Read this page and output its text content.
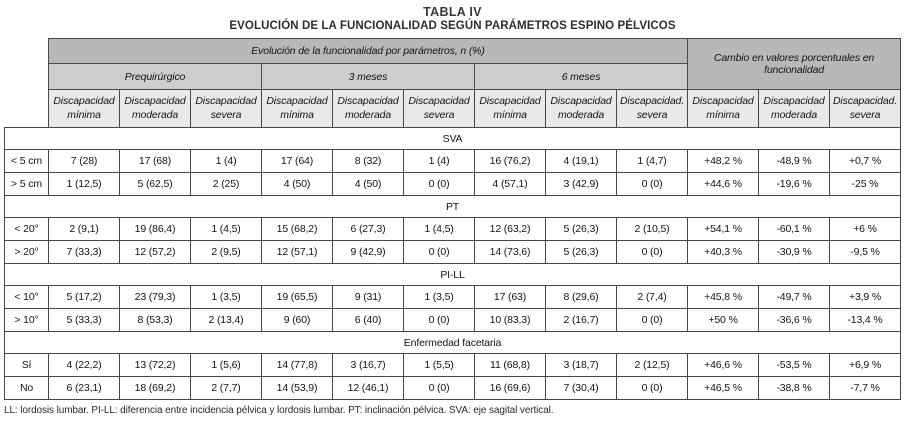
TABLA IV
EVOLUCIÓN DE LA FUNCIONALIDAD SEGÚN PARÁMETROS ESPINO PÉLVICOS
	Evolución de la funcionalidad por parámetros, n (%)									Cambio en valores porcentuales en funcionalidad		
	Prequirúrgico			3 meses			6 meses					
	Discapacidad mínima	Discapacidad moderada	Discapacidad severa	Discapacidad mínima	Discapacidad moderada	Discapacidad severa	Discapacidad mínima	Discapacidad moderada	Discapacidad. severa	Discapacidad mínima	Discapacidad moderada	Discapacidad. severa
SVA												
< 5 cm	7 (28)	17 (68)	1 (4)	17 (64)	8 (32)	1 (4)	16 (76,2)	4 (19,1)	1 (4,7)	+48,2 %	-48,9 %	+0,7 %
> 5 cm	1 (12,5)	5 (62,5)	2 (25)	4 (50)	4 (50)	0 (0)	4 (57,1)	3 (42,9)	0 (0)	+44,6 %	-19,6 %	-25 %
PT												
< 20°	2 (9,1)	19 (86,4)	1 (4,5)	15 (68,2)	6 (27,3)	1 (4,5)	12 (63,2)	5 (26,3)	2 (10,5)	+54,1 %	-60,1 %	+6 %
> 20°	7 (33,3)	12 (57,2)	2 (9,5)	12 (57,1)	9 (42,9)	0 (0)	14 (73,6)	5 (26,3)	0 (0)	+40,3 %	-30,9 %	-9,5 %
PI-LL												
< 10°	5 (17,2)	23 (79,3)	1 (3,5)	19 (65,5)	9 (31)	1 (3,5)	17 (63)	8 (29,6)	2 (7,4)	+45,8 %	-49,7 %	+3,9 %
> 10°	5 (33,3)	8 (53,3)	2 (13,4)	9 (60)	6 (40)	0 (0)	10 (83,3)	2 (16,7)	0 (0)	+50 %	-36,6 %	-13,4 %
Enfermedad facetaria												
Sí	4 (22,2)	13 (72,2)	1 (5,6)	14 (77,8)	3 (16,7)	1 (5,5)	11 (68,8)	3 (18,7)	2 (12,5)	+46,6 %	-53,5 %	+6,9 %
No	6 (23,1)	18 (69,2)	2 (7,7)	14 (53,9)	12 (46,1)	0 (0)	16 (69,6)	7 (30,4)	0 (0)	+46,5 %	-38,8 %	-7,7 %
LL: lordosis lumbar. PI-LL: diferencia entre incidencia pélvica y lordosis lumbar. PT: inclinación pélvica. SVA: eje sagital vertical.
